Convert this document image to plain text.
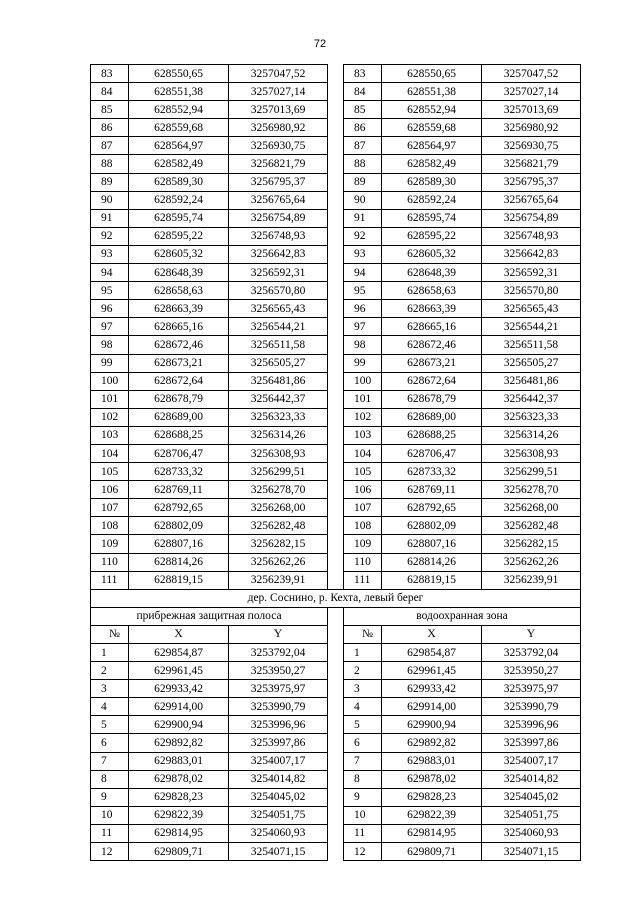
72
83	628550,65	3257047,52		83	628550,65	3257047,52
84	628551,38	3257027,14		84	628551,38	3257027,14
85	628552,94	3257013,69		85	628552,94	3257013,69
86	628559,68	3256980,92		86	628559,68	3256980,92
87	628564,97	3256930,75		87	628564,97	3256930,75
88	628582,49	3256821,79		88	628582,49	3256821,79
89	628589,30	3256795,37		89	628589,30	3256795,37
90	628592,24	3256765,64		90	628592,24	3256765,64
91	628595,74	3256754,89		91	628595,74	3256754,89
92	628595,22	3256748,93		92	628595,22	3256748,93
93	628605,32	3256642,83		93	628605,32	3256642,83
94	628648,39	3256592,31		94	628648,39	3256592,31
95	628658,63	3256570,80		95	628658,63	3256570,80
96	628663,39	3256565,43		96	628663,39	3256565,43
97	628665,16	3256544,21		97	628665,16	3256544,21
98	628672,46	3256511,58		98	628672,46	3256511,58
99	628673,21	3256505,27		99	628673,21	3256505,27
100	628672,64	3256481,86		100	628672,64	3256481,86
101	628678,79	3256442,37		101	628678,79	3256442,37
102	628689,00	3256323,33		102	628689,00	3256323,33
103	628688,25	3256314,26		103	628688,25	3256314,26
104	628706,47	3256308,93		104	628706,47	3256308,93
105	628733,32	3256299,51		105	628733,32	3256299,51
106	628769,11	3256278,70		106	628769,11	3256278,70
107	628792,65	3256268,00		107	628792,65	3256268,00
108	628802,09	3256282,48		108	628802,09	3256282,48
109	628807,16	3256282,15		109	628807,16	3256282,15
110	628814,26	3256262,26		110	628814,26	3256262,26
111	628819,15	3256239,91		111	628819,15	3256239,91
дер. Соснино, р. Кехта, левый берег						
прибрежная защитная полоса				водоохранная зона		
№	X	Y		№	X	Y
1	629854,87	3253792,04		1	629854,87	3253792,04
2	629961,45	3253950,27		2	629961,45	3253950,27
3	629933,42	3253975,97		3	629933,42	3253975,97
4	629914,00	3253990,79		4	629914,00	3253990,79
5	629900,94	3253996,96		5	629900,94	3253996,96
6	629892,82	3253997,86		6	629892,82	3253997,86
7	629883,01	3254007,17		7	629883,01	3254007,17
8	629878,02	3254014,82		8	629878,02	3254014,82
9	629828,23	3254045,02		9	629828,23	3254045,02
10	629822,39	3254051,75		10	629822,39	3254051,75
11	629814,95	3254060,93		11	629814,95	3254060,93
12	629809,71	3254071,15		12	629809,71	3254071,15
